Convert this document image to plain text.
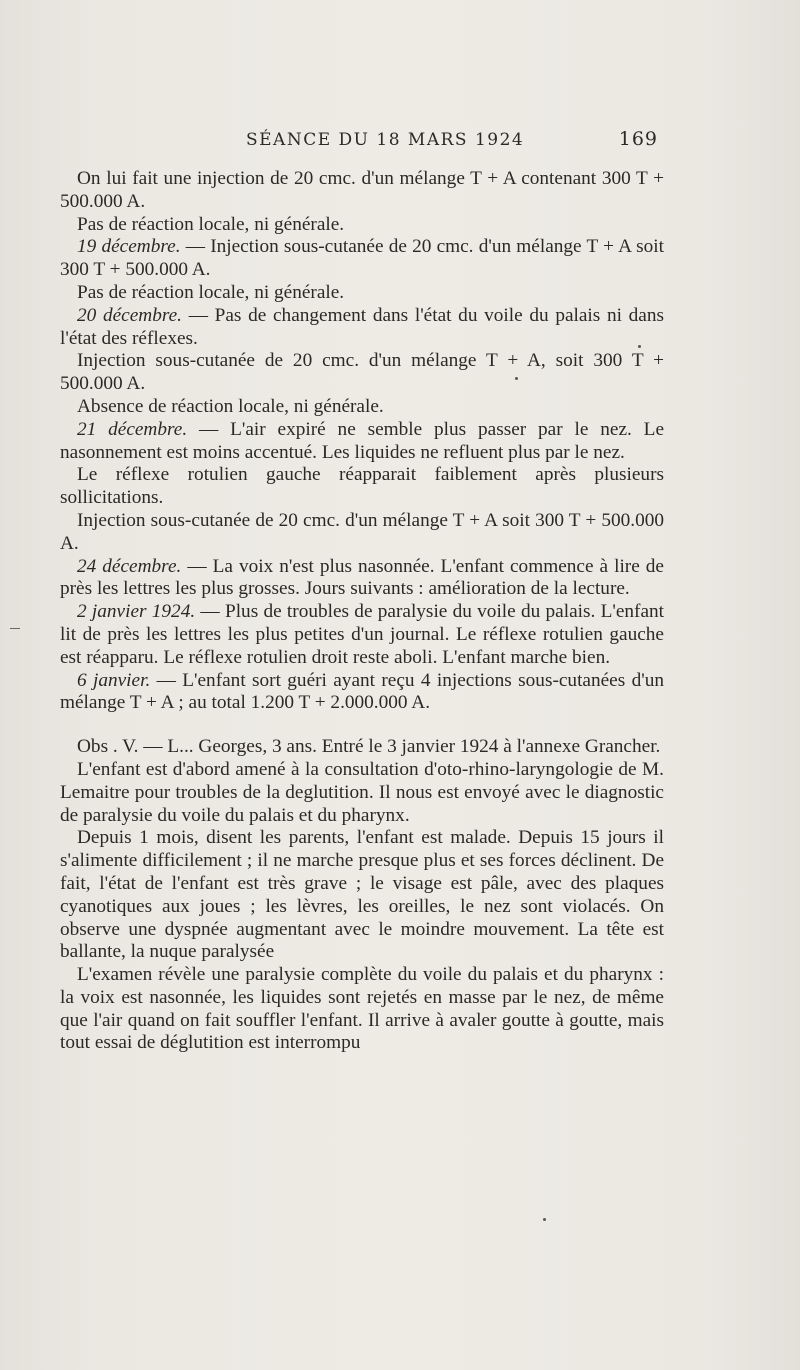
SÉANCE DU 18 MARS 1924	169

On lui fait une injection de 20 cmc. d'un mélange T + A contenant 300 T + 500.000 A.

Pas de réaction locale, ni générale.

19 décembre. — Injection sous-cutanée de 20 cmc. d'un mélange T + A soit 300 T + 500.000 A.

Pas de réaction locale, ni générale.

20 décembre. — Pas de changement dans l'état du voile du palais ni dans l'état des réflexes.

Injection sous-cutanée de 20 cmc. d'un mélange T + A, soit 300 T + 500.000 A.

Absence de réaction locale, ni générale.

21 décembre. — L'air expiré ne semble plus passer par le nez. Le nasonnement est moins accentué. Les liquides ne refluent plus par le nez.

Le réflexe rotulien gauche réapparait faiblement après plusieurs sollicitations.

Injection sous-cutanée de 20 cmc. d'un mélange T + A soit 300 T + 500.000 A.

24 décembre. — La voix n'est plus nasonnée. L'enfant commence à lire de près les lettres les plus grosses. Jours suivants : amélioration de la lecture.

2 janvier 1924. — Plus de troubles de paralysie du voile du palais. L'enfant lit de près les lettres les plus petites d'un journal. Le réflexe rotulien gauche est réapparu. Le réflexe rotulien droit reste aboli. L'enfant marche bien.

6 janvier. — L'enfant sort guéri ayant reçu 4 injections sous-cutanées d'un mélange T + A ; au total 1.200 T + 2.000.000 A.

Obs . V. — L... Georges, 3 ans. Entré le 3 janvier 1924 à l'annexe Grancher.

L'enfant est d'abord amené à la consultation d'oto-rhino-laryngologie de M. Lemaitre pour troubles de la deglutition. Il nous est envoyé avec le diagnostic de paralysie du voile du palais et du pharynx.

Depuis 1 mois, disent les parents, l'enfant est malade. Depuis 15 jours il s'alimente difficilement ; il ne marche presque plus et ses forces déclinent. De fait, l'état de l'enfant est très grave ; le visage est pâle, avec des plaques cyanotiques aux joues ; les lèvres, les oreilles, le nez sont violacés. On observe une dyspnée augmentant avec le moindre mouvement. La tête est ballante, la nuque paralysée

L'examen révèle une paralysie complète du voile du palais et du pharynx : la voix est nasonnée, les liquides sont rejetés en masse par le nez, de même que l'air quand on fait souffler l'enfant. Il arrive à avaler goutte à goutte, mais tout essai de déglutition est interrompu
